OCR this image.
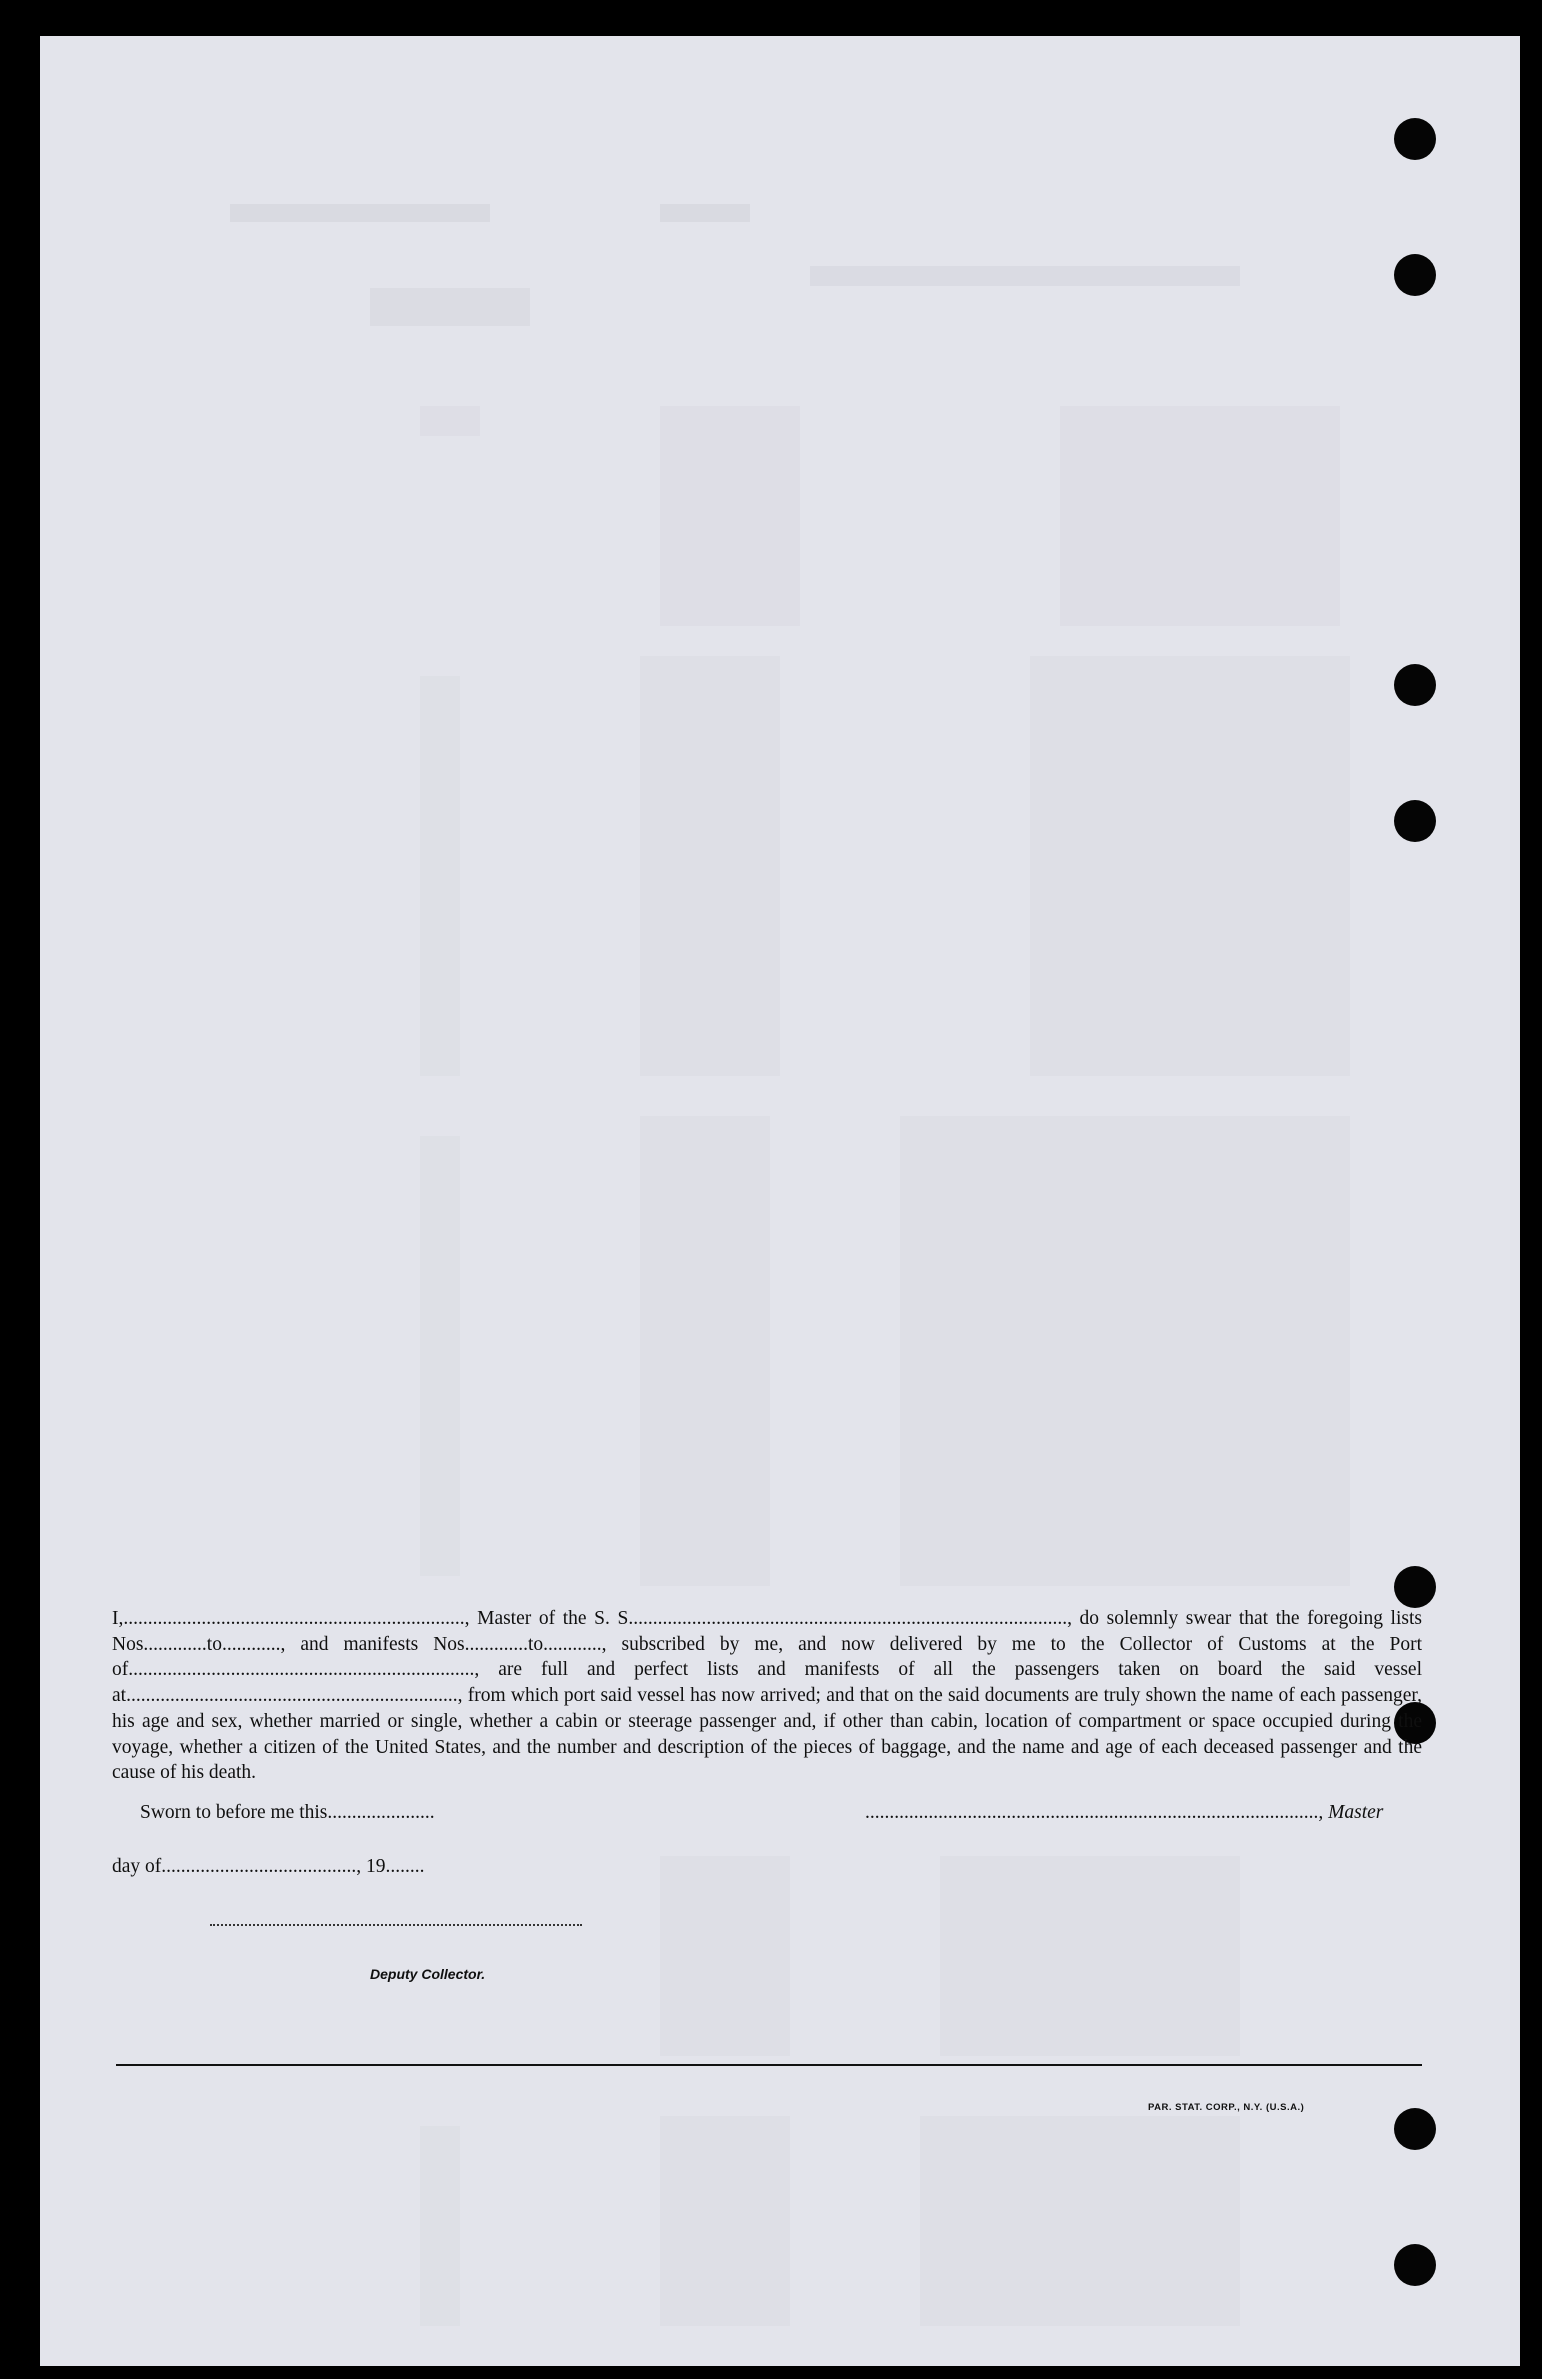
I,......................................................................, Master of the S. S.........................................................................................., do solemnly swear that the foregoing lists Nos.............to............, and manifests Nos.............to............, subscribed by me, and now delivered by me to the Collector of Customs at the Port of......................................................................., are full and perfect lists and manifests of all the passengers taken on board the said vessel at...................................................................., from which port said vessel has now arrived; and that on the said documents are truly shown the name of each passenger, his age and sex, whether married or single, whether a cabin or steerage passenger and, if other than cabin, location of compartment or space occupied during the voyage, whether a citizen of the United States, and the number and description of the pieces of baggage, and the name and age of each deceased passenger and the cause of his death.
Sworn to before me this......................	............................................................................................., Master
day of........................................, 19........
Deputy Collector.
PAR. STAT. CORP., N.Y. (U.S.A.)
